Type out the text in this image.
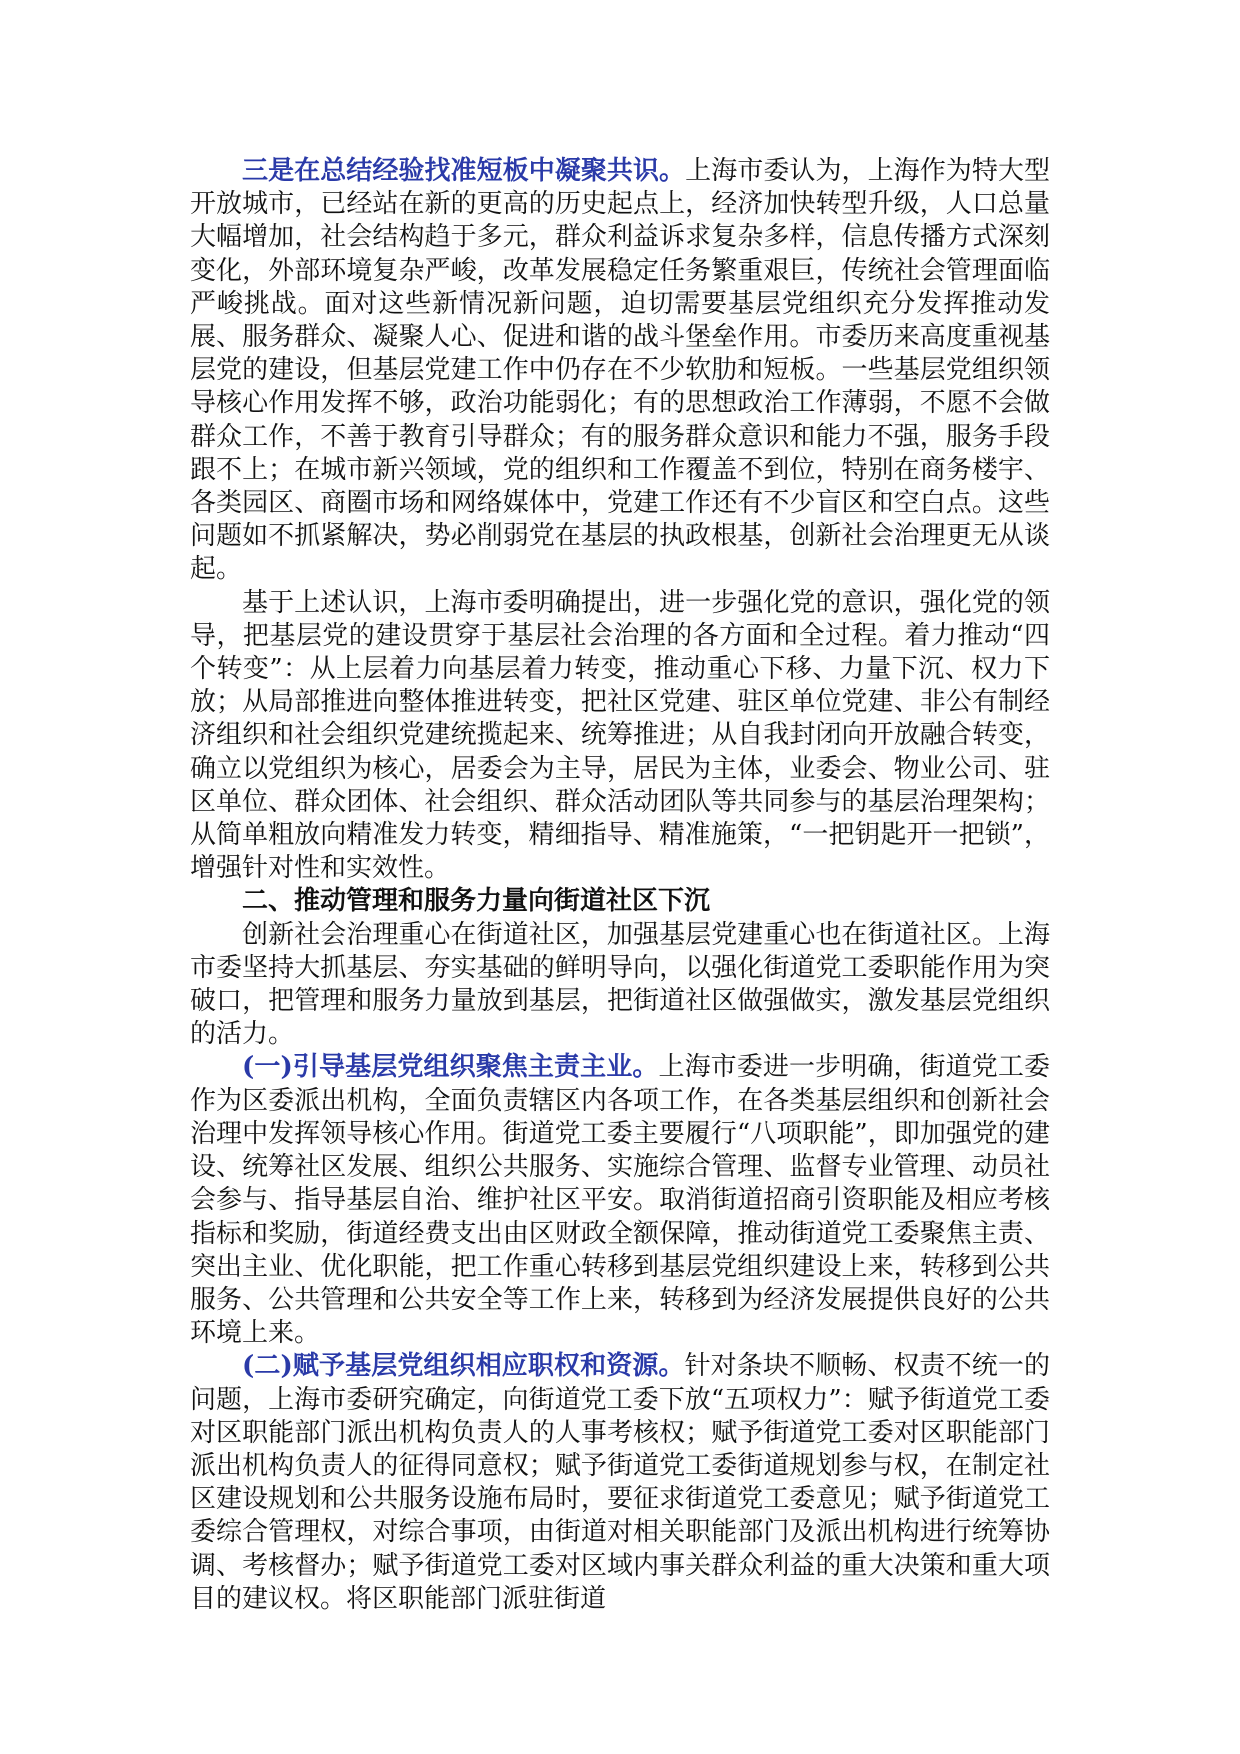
三是在总结经验找准短板中凝聚共识。上海市委认为，上海作为特大型开放城市，已经站在新的更高的历史起点上，经济加快转型升级，人口总量大幅增加，社会结构趋于多元，群众利益诉求复杂多样，信息传播方式深刻变化，外部环境复杂严峻，改革发展稳定任务繁重艰巨，传统社会管理面临严峻挑战。面对这些新情况新问题，迫切需要基层党组织充分发挥推动发展、服务群众、凝聚人心、促进和谐的战斗堡垒作用。市委历来高度重视基层党的建设，但基层党建工作中仍存在不少软肋和短板。一些基层党组织领导核心作用发挥不够，政治功能弱化；有的思想政治工作薄弱，不愿不会做群众工作，不善于教育引导群众；有的服务群众意识和能力不强，服务手段跟不上；在城市新兴领域，党的组织和工作覆盖不到位，特别在商务楼宇、各类园区、商圈市场和网络媒体中，党建工作还有不少盲区和空白点。这些问题如不抓紧解决，势必削弱党在基层的执政根基，创新社会治理更无从谈起。

基于上述认识，上海市委明确提出，进一步强化党的意识，强化党的领导，把基层党的建设贯穿于基层社会治理的各方面和全过程。着力推动“四个转变”：从上层着力向基层着力转变，推动重心下移、力量下沉、权力下放；从局部推进向整体推进转变，把社区党建、驻区单位党建、非公有制经济组织和社会组织党建统揽起来、统筹推进；从自我封闭向开放融合转变，确立以党组织为核心，居委会为主导，居民为主体，业委会、物业公司、驻区单位、群众团体、社会组织、群众活动团队等共同参与的基层治理架构；从简单粗放向精准发力转变，精细指导、精准施策，“一把钥匙开一把锁”，增强针对性和实效性。

二、推动管理和服务力量向街道社区下沉

创新社会治理重心在街道社区，加强基层党建重心也在街道社区。上海市委坚持大抓基层、夯实基础的鲜明导向，以强化街道党工委职能作用为突破口，把管理和服务力量放到基层，把街道社区做强做实，激发基层党组织的活力。

(一)引导基层党组织聚焦主责主业。上海市委进一步明确，街道党工委作为区委派出机构，全面负责辖区内各项工作，在各类基层组织和创新社会治理中发挥领导核心作用。街道党工委主要履行“八项职能”，即加强党的建设、统筹社区发展、组织公共服务、实施综合管理、监督专业管理、动员社会参与、指导基层自治、维护社区平安。取消街道招商引资职能及相应考核指标和奖励，街道经费支出由区财政全额保障，推动街道党工委聚焦主责、突出主业、优化职能，把工作重心转移到基层党组织建设上来，转移到公共服务、公共管理和公共安全等工作上来，转移到为经济发展提供良好的公共环境上来。

(二)赋予基层党组织相应职权和资源。针对条块不顺畅、权责不统一的问题，上海市委研究确定，向街道党工委下放“五项权力”：赋予街道党工委对区职能部门派出机构负责人的人事考核权；赋予街道党工委对区职能部门派出机构负责人的征得同意权；赋予街道党工委街道规划参与权，在制定社区建设规划和公共服务设施布局时，要征求街道党工委意见；赋予街道党工委综合管理权，对综合事项，由街道对相关职能部门及派出机构进行统筹协调、考核督办；赋予街道党工委对区域内事关群众利益的重大决策和重大项目的建议权。将区职能部门派驻街道
